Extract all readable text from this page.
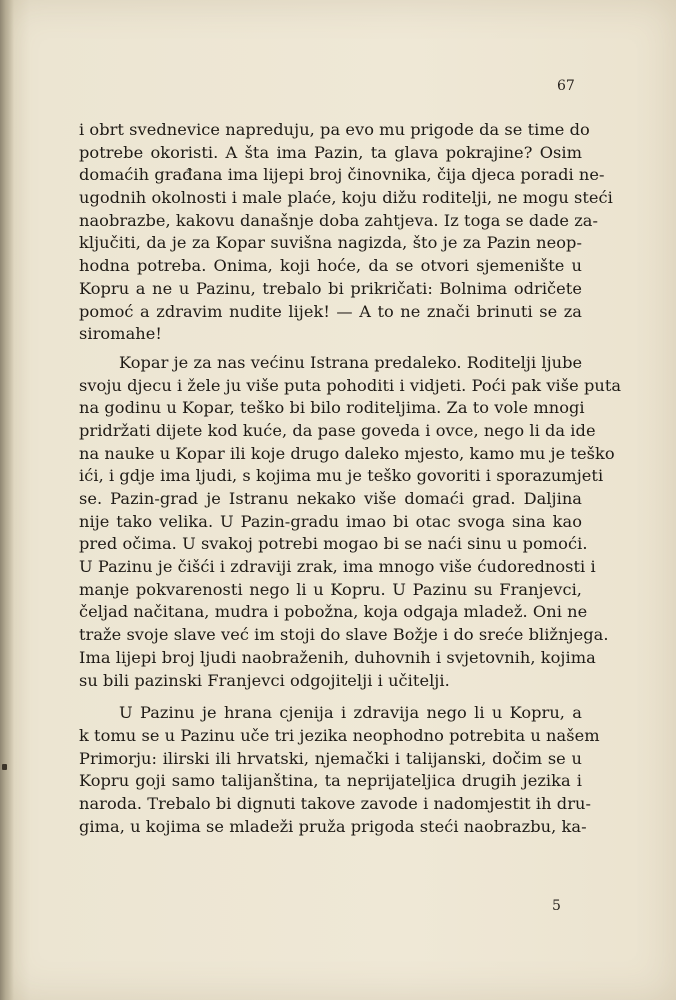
67
i obrt svednevice napreduju, pa evo mu prigode da se time do
potrebe okoristi. A šta ima Pazin, ta glava pokrajine? Osim
domaćih građana ima lijepi broj činovnika, čija djeca poradi ne-
ugodnih okolnosti i male plaće, koju dižu roditelji, ne mogu steći
naobrazbe, kakovu današnje doba zahtjeva. Iz toga se dade za-
ključiti, da je za Kopar suvišna nagizda, što je za Pazin neop-
hodna potreba. Onima, koji hoće, da se otvori sjemenište u
Kopru a ne u Pazinu, trebalo bi prikričati: Bolnima odričete
pomoć a zdravim nudite lijek! — A to ne znači brinuti se za
siromahe!
Kopar je za nas većinu Istrana predaleko. Roditelji ljube
svoju djecu i žele ju više puta pohoditi i vidjeti. Poći pak više puta
na godinu u Kopar, teško bi bilo roditeljima. Za to vole mnogi
pridržati dijete kod kuće, da pase goveda i ovce, nego li da ide
na nauke u Kopar ili koje drugo daleko mjesto, kamo mu je teško
ići, i gdje ima ljudi, s kojima mu je teško govoriti i sporazumjeti
se. Pazin-grad je Istranu nekako više domaći grad. Daljina
nije tako velika. U Pazin-gradu imao bi otac svoga sina kao
pred očima. U svakoj potrebi mogao bi se naći sinu u pomoći.
U Pazinu je čišći i zdraviji zrak, ima mnogo više ćudorednosti i
manje pokvarenosti nego li u Kopru. U Pazinu su Franjevci,
čeljad načitana, mudra i pobožna, koja odgaja mladež. Oni ne
traže svoje slave već im stoji do slave Božje i do sreće bližnjega.
Ima lijepi broj ljudi naobraženih, duhovnih i svjetovnih, kojima
su bili pazinski Franjevci odgojitelji i učitelji.
U Pazinu je hrana cjenija i zdravija nego li u Kopru, a
k tomu se u Pazinu uče tri jezika neophodno potrebita u našem
Primorju: ilirski ili hrvatski, njemački i talijanski, dočim se u
Kopru goji samo talijanština, ta neprijateljica drugih jezika i
naroda. Trebalo bi dignuti takove zavode i nadomjestit ih dru-
gima, u kojima se mladeži pruža prigoda steći naobrazbu, ka-
5
